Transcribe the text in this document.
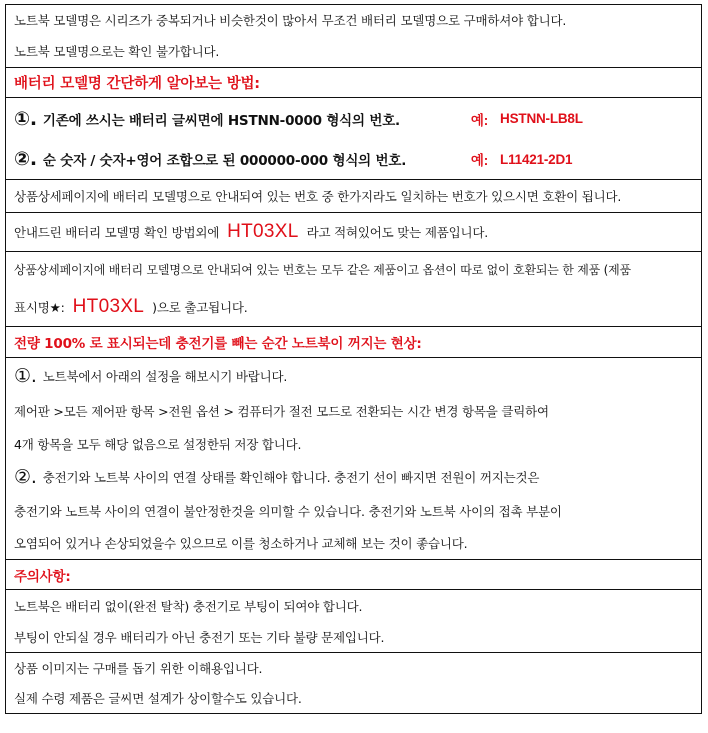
노트북 모델명은 시리즈가 중복되거나 비슷한것이 많아서 무조건 배터리 모델명으로 구매하셔야 합니다.
노트북 모델명으로는 확인 불가합니다.
배터리 모델명 간단하게 알아보는 방법:
①. 기존에 쓰시는 배터리 글씨면에 HSTNN-0000 형식의 번호.	예: HSTNN-LB8L
②. 순 숫자 / 숫자+영어 조합으로 된 000000-000 형식의 번호.	예: L11421-2D1
상품상세페이지에 배터리 모델명으로 안내되여 있는 번호 중 한가지라도 일치하는 번호가 있으시면 호환이 됩니다.
안내드린 배터리 모델명 확인 방법외에 HT03XL 라고 적혀있어도 맞는 제품입니다.
상품상세페이지에 배터리 모델명으로 안내되여 있는 번호는 모두 같은 제품이고 옵션이 따로 없이 호환되는 한 제품 (제품
표시명★: HT03XL )으로 출고됩니다.
전량 100% 로 표시되는데 충전기를 빼는 순간 노트북이 꺼지는 현상:
①. 노트북에서 아래의 설정을 해보시기 바랍니다.
제어판 >모든 제어판 항목 >전원 옵션 > 컴퓨터가 절전 모드로 전환되는 시간 변경 항목을 클릭하여
4개 항목을 모두 해당 없음으로 설정한뒤 저장 합니다.
②. 충전기와 노트북 사이의 연결 상태를 확인해야 합니다. 충전기 선이 빠지면 전원이 꺼지는것은
충전기와 노트북 사이의 연결이 불안정한것을 의미할 수 있습니다. 충전기와 노트북 사이의 접촉 부분이
오염되어 있거나 손상되었을수 있으므로 이를 청소하거나 교체해 보는 것이 좋습니다.
주의사항:
노트북은 배터리 없이(완전 탈착) 충전기로 부팅이 되여야 합니다.
부팅이 안되실 경우 배터리가 아닌 충전기 또는 기타 불량 문제입니다.
상품 이미지는 구매를 돕기 위한 이해용입니다.
실제 수령 제품은 글씨면 설계가 상이할수도 있습니다.
